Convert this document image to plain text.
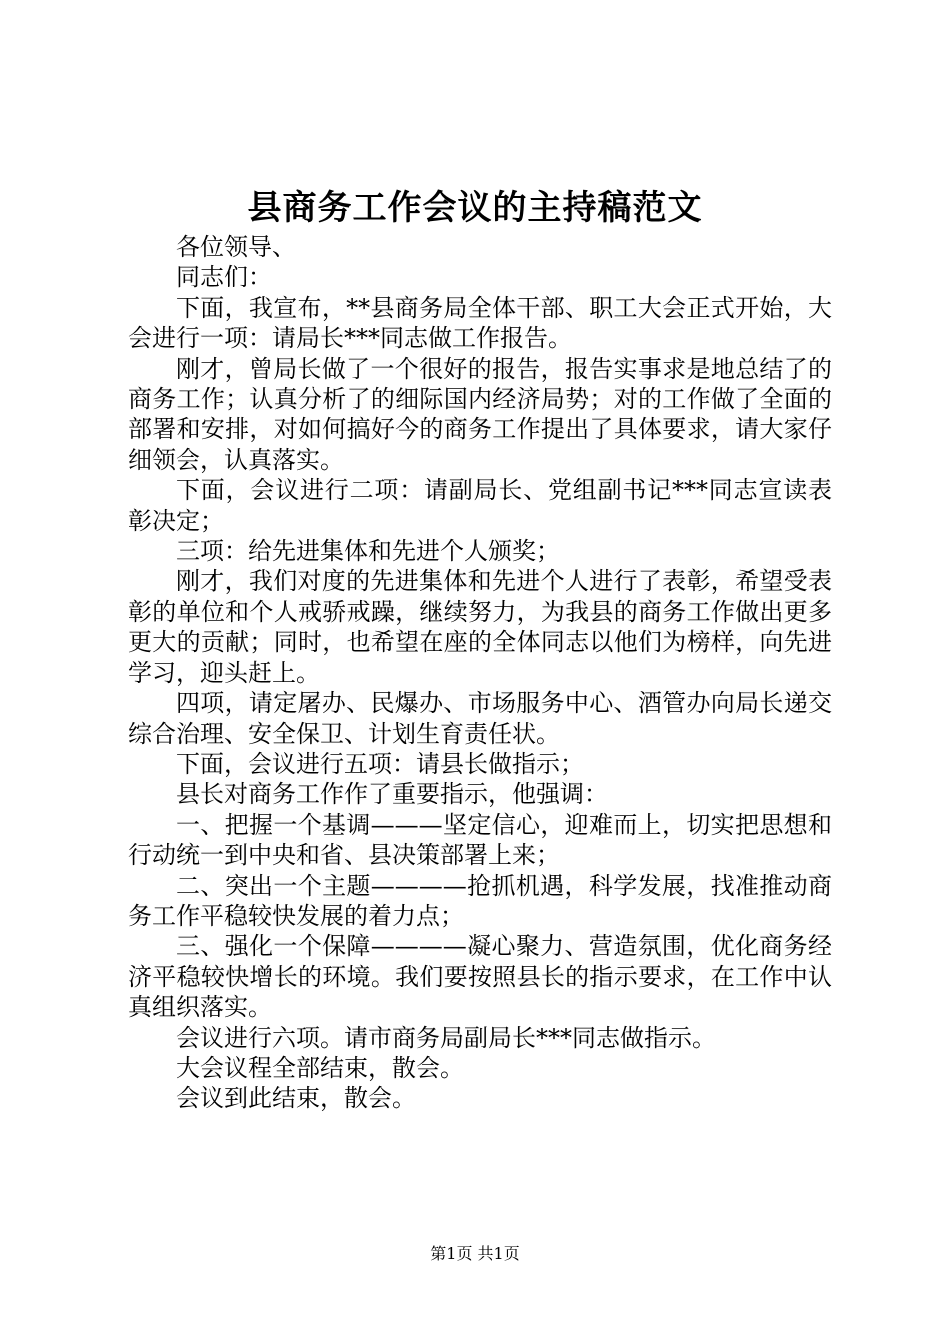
县商务工作会议的主持稿范文

各位领导、

同志们：

下面，我宣布，**县商务局全体干部、职工大会正式开始，大会进行一项：请局长***同志做工作报告。

刚才，曾局长做了一个很好的报告，报告实事求是地总结了的商务工作；认真分析了的细际国内经济局势；对的工作做了全面的部署和安排，对如何搞好今的商务工作提出了具体要求，请大家仔细领会，认真落实。

下面，会议进行二项：请副局长、党组副书记***同志宣读表彰决定；

三项：给先进集体和先进个人颁奖；

刚才，我们对度的先进集体和先进个人进行了表彰，希望受表彰的单位和个人戒骄戒躁，继续努力，为我县的商务工作做出更多更大的贡献；同时，也希望在座的全体同志以他们为榜样，向先进学习，迎头赶上。

四项，请定屠办、民爆办、市场服务中心、酒管办向局长递交综合治理、安全保卫、计划生育责任状。

下面，会议进行五项：请县长做指示；

县长对商务工作作了重要指示，他强调：

一、把握一个基调———坚定信心，迎难而上，切实把思想和行动统一到中央和省、县决策部署上来；

二、突出一个主题————抢抓机遇，科学发展，找准推动商务工作平稳较快发展的着力点；

三、强化一个保障————凝心聚力、营造氛围，优化商务经济平稳较快增长的环境。我们要按照县长的指示要求，在工作中认真组织落实。

会议进行六项。请市商务局副局长***同志做指示。

大会议程全部结束，散会。

会议到此结束，散会。

第1页 共1页
